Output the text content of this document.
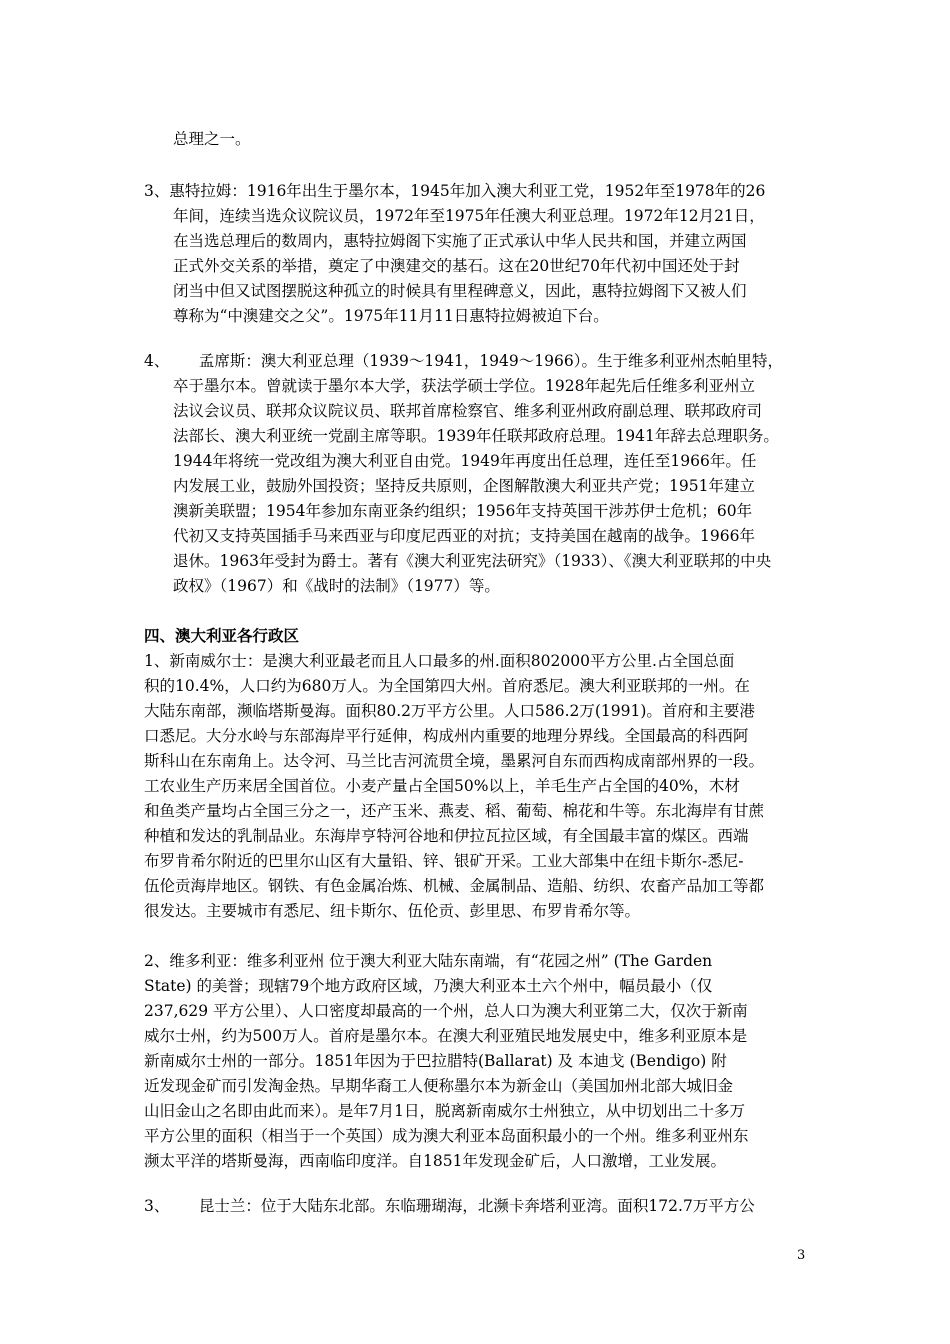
总理之一。
3、惠特拉姆：1916年出生于墨尔本，1945年加入澳大利亚工党，1952年至1978年的26
年间，连续当选众议院议员，1972年至1975年任澳大利亚总理。1972年12月21日，
在当选总理后的数周内，惠特拉姆阁下实施了正式承认中华人民共和国，并建立两国
正式外交关系的举措，奠定了中澳建交的基石。这在20世纪70年代初中国还处于封
闭当中但又试图摆脱这种孤立的时候具有里程碑意义，因此，惠特拉姆阁下又被人们
尊称为“中澳建交之父”。1975年11月11日惠特拉姆被迫下台。
4、      孟席斯：澳大利亚总理（1939～1941，1949～1966）。生于维多利亚州杰帕里特，
卒于墨尔本。曾就读于墨尔本大学，获法学硕士学位。1928年起先后任维多利亚州立
法议会议员、联邦众议院议员、联邦首席检察官、维多利亚州政府副总理、联邦政府司
法部长、澳大利亚统一党副主席等职。1939年任联邦政府总理。1941年辞去总理职务。
1944年将统一党改组为澳大利亚自由党。1949年再度出任总理，连任至1966年。任
内发展工业，鼓励外国投资；坚持反共原则，企图解散澳大利亚共产党；1951年建立
澳新美联盟；1954年参加东南亚条约组织；1956年支持英国干涉苏伊士危机；60年
代初又支持英国插手马来西亚与印度尼西亚的对抗；支持美国在越南的战争。1966年
退休。1963年受封为爵士。著有《澳大利亚宪法研究》（1933）、《澳大利亚联邦的中央
政权》（1967）和《战时的法制》（1977）等。
四、澳大利亚各行政区
1、新南威尔士：是澳大利亚最老而且人口最多的州.面积802000平方公里.占全国总面
积的10.4%，人口约为680万人。为全国第四大州。首府悉尼。澳大利亚联邦的一州。在
大陆东南部，濒临塔斯曼海。面积80.2万平方公里。人口586.2万(1991)。首府和主要港
口悉尼。大分水岭与东部海岸平行延伸，构成州内重要的地理分界线。全国最高的科西阿
斯科山在东南角上。达令河、马兰比吉河流贯全境，墨累河自东而西构成南部州界的一段。
工农业生产历来居全国首位。小麦产量占全国50%以上，羊毛生产占全国的40%，木材
和鱼类产量均占全国三分之一，还产玉米、燕麦、稻、葡萄、棉花和牛等。东北海岸有甘蔗
种植和发达的乳制品业。东海岸亨特河谷地和伊拉瓦拉区域，有全国最丰富的煤区。西端
布罗肯希尔附近的巴里尔山区有大量铅、锌、银矿开采。工业大部集中在纽卡斯尔-悉尼-
伍伦贡海岸地区。钢铁、有色金属冶炼、机械、金属制品、造船、纺织、农畜产品加工等都
很发达。主要城市有悉尼、纽卡斯尔、伍伦贡、彭里思、布罗肯希尔等。
2、维多利亚：维多利亚州 位于澳大利亚大陆东南端，有“花园之州” (The Garden
State) 的美誉；现辖79个地方政府区域，乃澳大利亚本土六个州中，幅员最小（仅
237,629 平方公里）、人口密度却最高的一个州，总人口为澳大利亚第二大，仅次于新南
威尔士州，约为500万人。首府是墨尔本。在澳大利亚殖民地发展史中，维多利亚原本是
新南威尔士州的一部分。1851年因为于巴拉腊特(Ballarat) 及 本迪戈 (Bendigo) 附
近发现金矿而引发淘金热。早期华裔工人便称墨尔本为新金山（美国加州北部大城旧金
山旧金山之名即由此而来）。是年7月1日，脱离新南威尔士州独立，从中切划出二十多万
平方公里的面积（相当于一个英国）成为澳大利亚本岛面积最小的一个州。维多利亚州东
濒太平洋的塔斯曼海，西南临印度洋。自1851年发现金矿后，人口激增，工业发展。
3、      昆士兰：位于大陆东北部。东临珊瑚海，北濒卡奔塔利亚湾。面积172.7万平方公
3
